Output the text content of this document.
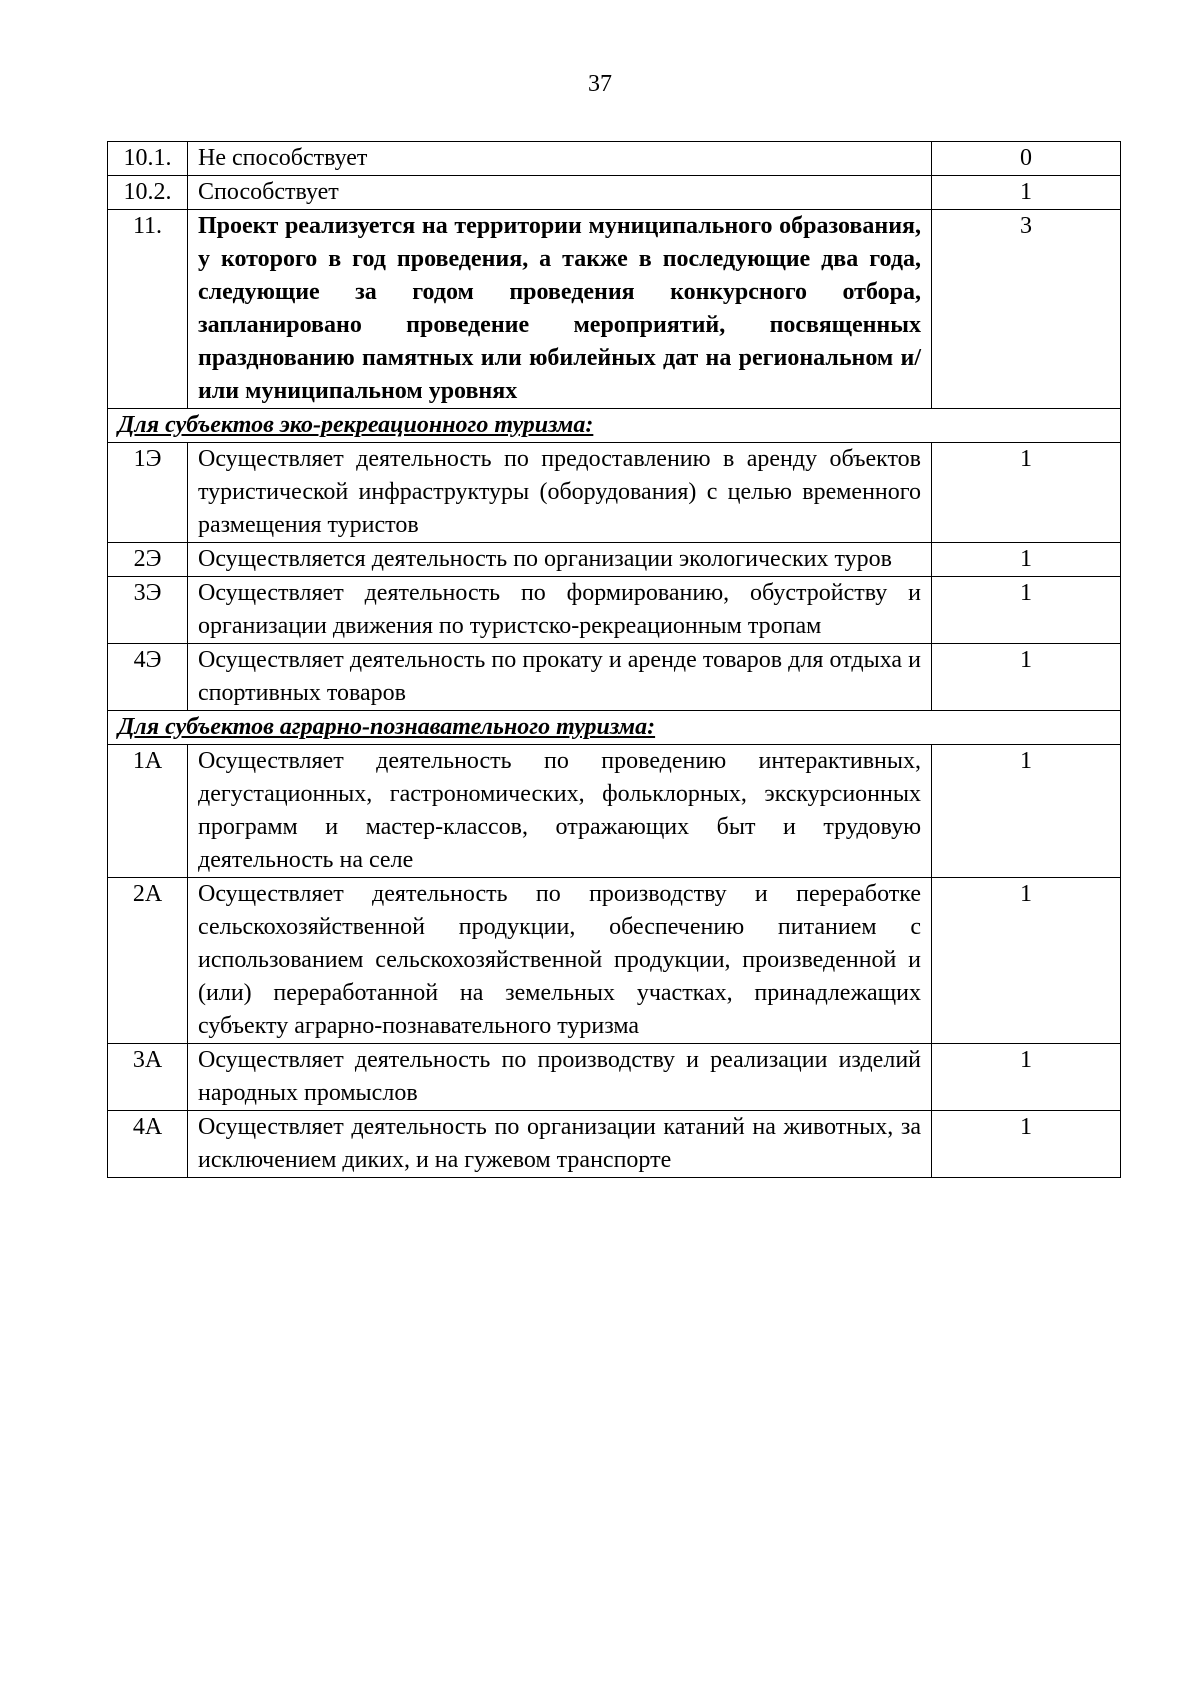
37
10.1.	Не способствует	0
10.2.	Способствует	1
11.	Проект реализуется на территории муниципального образования, у которого в год проведения, а также в последующие два года, следующие за годом проведения конкурсного отбора, запланировано проведение мероприятий, посвященных празднованию памятных или юбилейных дат на региональном и/или муниципальном уровнях	3
Для субъектов эко-рекреационного туризма:		
1Э	Осуществляет деятельность по предоставлению в аренду объектов туристической инфраструктуры (оборудования) с целью временного размещения туристов	1
2Э	Осуществляется деятельность по организации экологических туров	1
3Э	Осуществляет деятельность по формированию, обустройству и организации движения по туристско-рекреационным тропам	1
4Э	Осуществляет деятельность по прокату и аренде товаров для отдыха и спортивных товаров	1
Для субъектов аграрно-познавательного туризма:		
1А	Осуществляет деятельность по проведению интерактивных, дегустационных, гастрономических, фольклорных, экскурсионных программ и мастер-классов, отражающих быт и трудовую деятельность на селе	1
2А	Осуществляет деятельность по производству и переработке сельскохозяйственной продукции, обеспечению питанием с использованием сельскохозяйственной продукции, произведенной и (или) переработанной на земельных участках, принадлежащих субъекту аграрно-познавательного туризма	1
3А	Осуществляет деятельность по производству и реализации изделий народных промыслов	1
4А	Осуществляет деятельность по организации катаний на животных, за исключением диких, и на гужевом транспорте	1
